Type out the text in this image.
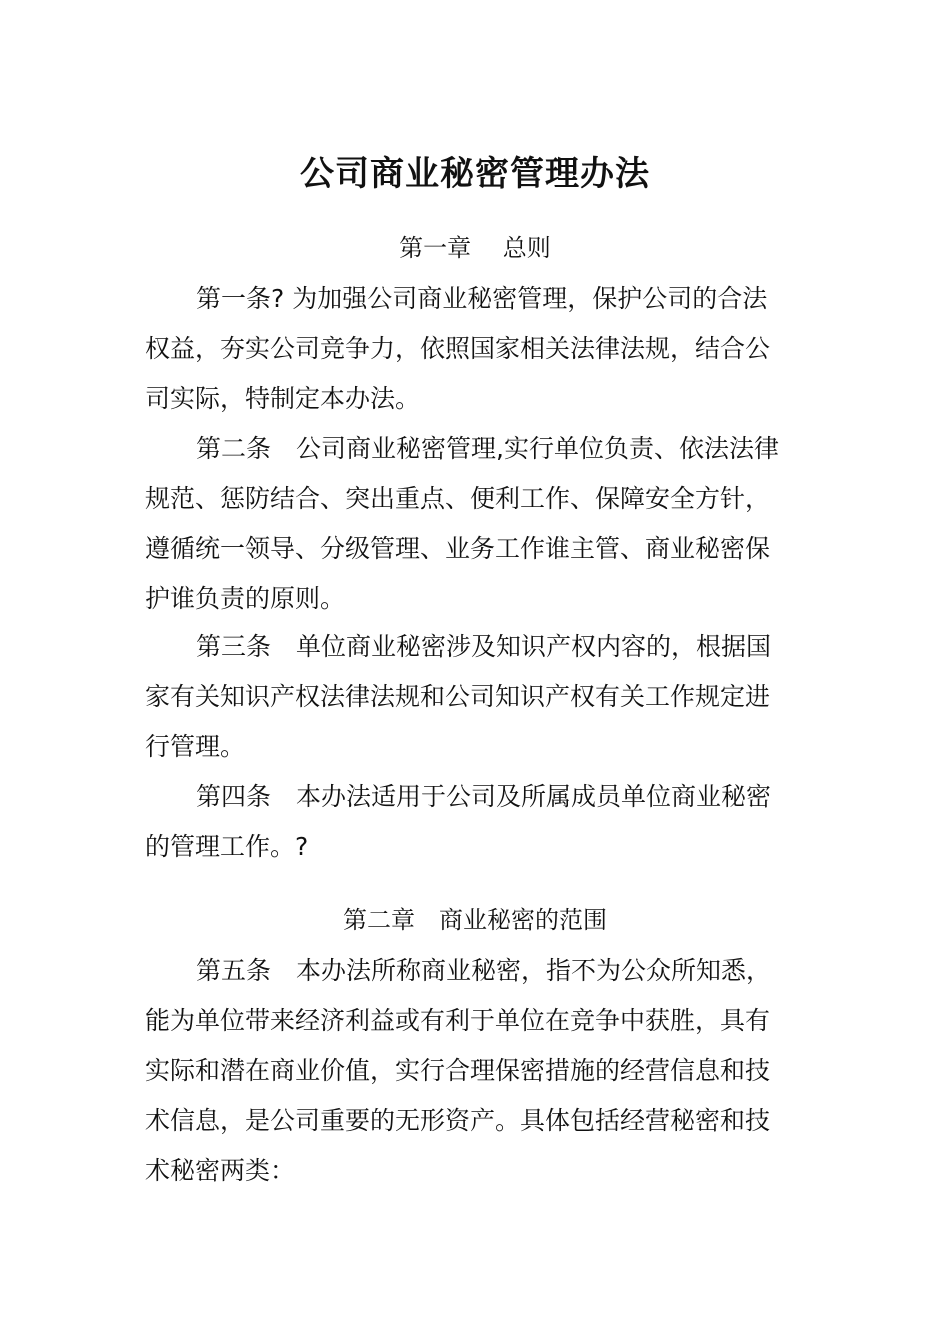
公司商业秘密管理办法
第一章　 总则
第一条? 为加强公司商业秘密管理，保护公司的合法
权益，夯实公司竞争力，依照国家相关法律法规，结合公
司实际，特制定本办法。
第二条　公司商业秘密管理,实行单位负责、依法法律
规范、惩防结合、突出重点、便利工作、保障安全方针，
遵循统一领导、分级管理、业务工作谁主管、商业秘密保
护谁负责的原则。
第三条　单位商业秘密涉及知识产权内容的，根据国
家有关知识产权法律法规和公司知识产权有关工作规定进
行管理。
第四条　本办法适用于公司及所属成员单位商业秘密
的管理工作。?
第二章　商业秘密的范围
第五条　本办法所称商业秘密，指不为公众所知悉，
能为单位带来经济利益或有利于单位在竞争中获胜，具有
实际和潜在商业价值，实行合理保密措施的经营信息和技
术信息，是公司重要的无形资产。具体包括经营秘密和技
术秘密两类：
